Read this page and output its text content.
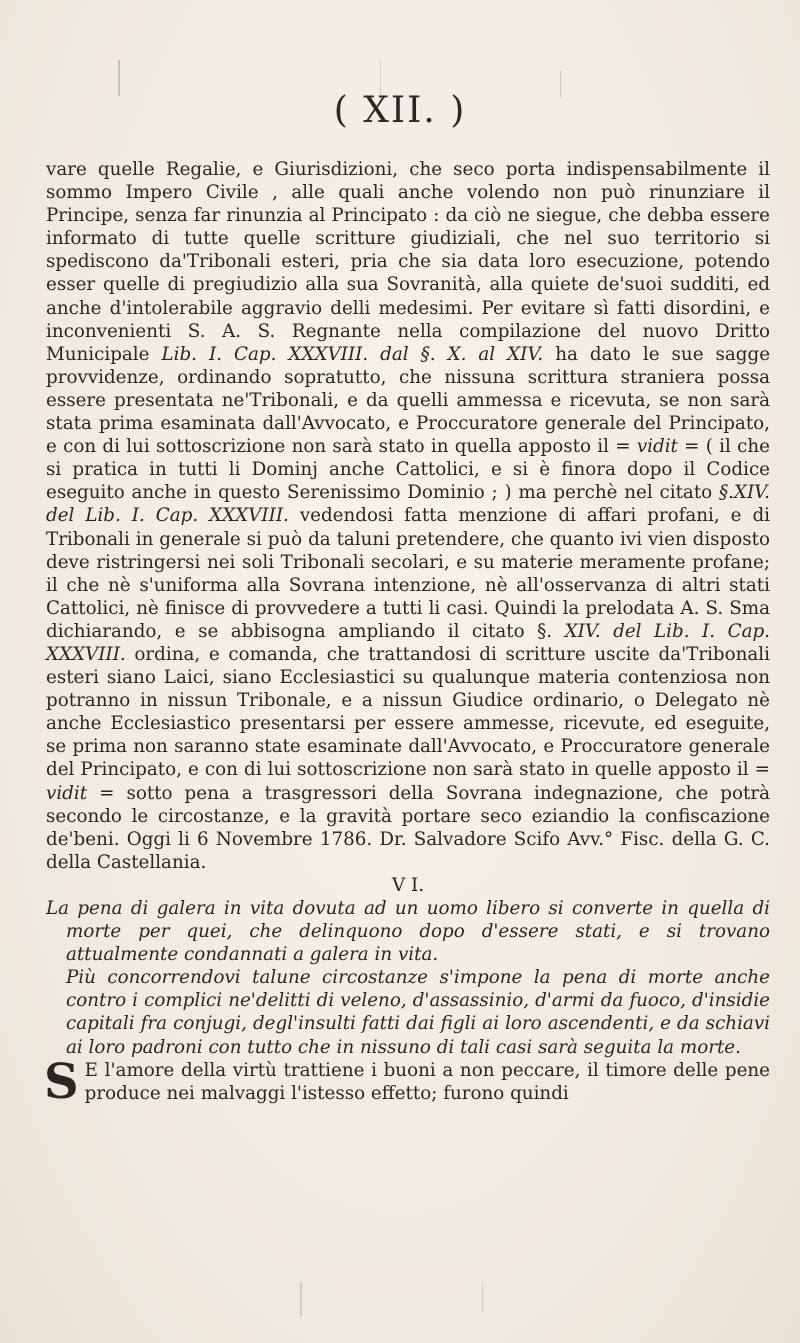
( XII. )

vare quelle Regalie, e Giurisdizioni, che seco porta indispensabilmente il sommo Impero Civile , alle quali anche volendo non può rinunziare il Principe, senza far rinunzia al Principato : da ciò ne siegue, che debba essere informato di tutte quelle scritture giudiziali, che nel suo territorio si spediscono da'Tribonali esteri, pria che sia data loro esecuzione, potendo esser quelle di pregiudizio alla sua Sovranità, alla quiete de'suoi sudditi, ed anche d'intolerabile aggravio delli medesimi. Per evitare sì fatti disordini, e inconvenienti S. A. S. Regnante nella compilazione del nuovo Dritto Municipale Lib. I. Cap. XXXVIII. dal §. X. al XIV. ha dato le sue sagge provvidenze, ordinando sopratutto, che nissuna scrittura straniera possa essere presentata ne'Tribonali, e da quelli ammessa e ricevuta, se non sarà stata prima esaminata dall'Avvocato, e Proccuratore generale del Principato, e con di lui sottoscrizione non sarà stato in quella apposto il = vidit = ( il che si pratica in tutti li Dominj anche Cattolici, e si è finora dopo il Codice eseguito anche in questo Serenissimo Dominio ; ) ma perchè nel citato §.XIV. del Lib. I. Cap. XXXVIII. vedendosi fatta menzione di affari profani, e di Tribonali in generale si può da taluni pretendere, che quanto ivi vien disposto deve ristringersi nei soli Tribonali secolari, e su materie meramente profane; il che nè s'uniforma alla Sovrana intenzione, nè all'osservanza di altri stati Cattolici, nè finisce di provvedere a tutti li casi. Quindi la prelodata A. S. Sma dichiarando, e se abbisogna ampliando il citato §. XIV. del Lib. I. Cap. XXXVIII. ordina, e comanda, che trattandosi di scritture uscite da'Tribonali esteri siano Laici, siano Ecclesiastici su qualunque materia contenziosa non potranno in nissun Tribonale, e a nissun Giudice ordinario, o Delegato nè anche Ecclesiastico presentarsi per essere ammesse, ricevute, ed eseguite, se prima non saranno state esaminate dall'Avvocato, e Proccuratore generale del Principato, e con di lui sottoscrizione non sarà stato in quelle apposto il = vidit = sotto pena a trasgressori della Sovrana indegnazione, che potrà secondo le circostanze, e la gravità portare seco eziandio la confiscazione de'beni. Oggi li 6 Novembre 1786. Dr. Salvadore Scifo Avv.° Fisc. della G. C. della Castellania.

V I.

La pena di galera in vita dovuta ad un uomo libero si converte in quella di morte per quei, che delinquono dopo d'essere stati, e si trovano attualmente condannati a galera in vita.
Più concorrendovi talune circostanze s'impone la pena di morte anche contro i complici ne'delitti di veleno, d'assassinio, d'armi da fuoco, d'insidie capitali fra conjugi, degl'insulti fatti dai figli ai loro ascendenti, e da schiavi ai loro padroni con tutto che in nissuno di tali casi sarà seguita la morte.

S E l'amore della virtù trattiene i buoni a non peccare, il timore delle pene produce nei malvaggi l'istesso effetto; furono quindi
